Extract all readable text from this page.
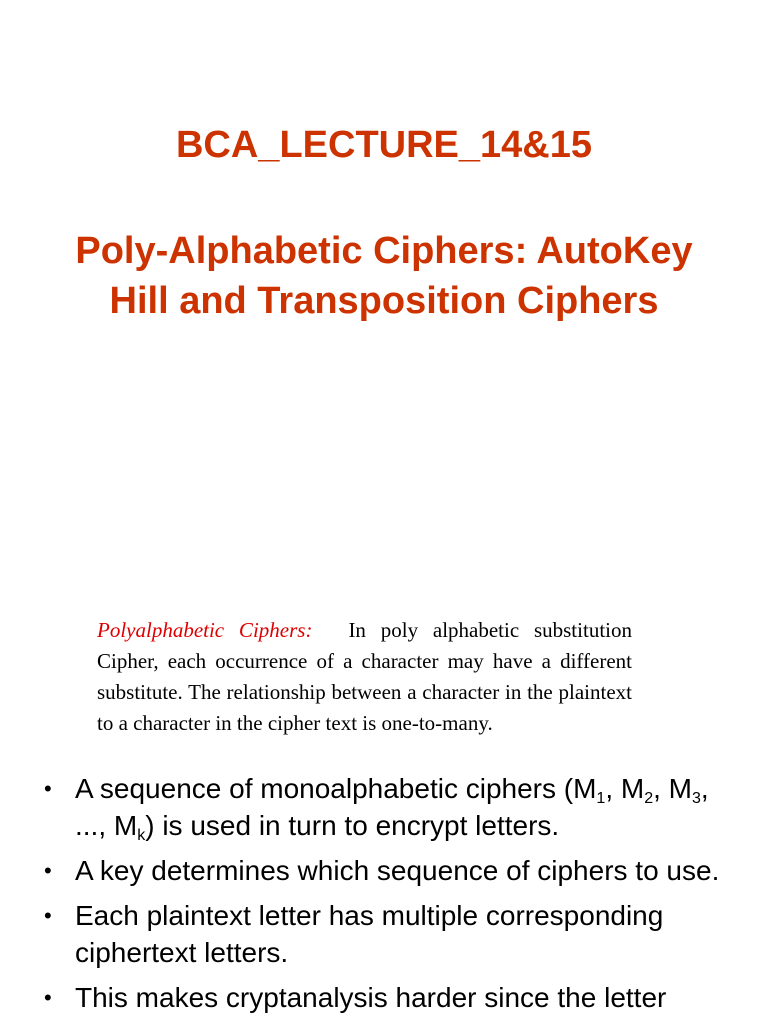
BCA_LECTURE_14&15
Poly-Alphabetic Ciphers: AutoKey
Hill and Transposition Ciphers

Polyalphabetic Ciphers: In poly alphabetic substitution Cipher, each occurrence of a character may have a different substitute. The relationship between a character in the plaintext to a character in the cipher text is one-to-many.

• A sequence of monoalphabetic ciphers ($M_1$, $M_2$, $M_3$, ..., $M_k$) is used in turn to encrypt letters.
• A key determines which sequence of ciphers to use.
• Each plaintext letter has multiple corresponding ciphertext letters.
• This makes cryptanalysis harder since the letter
